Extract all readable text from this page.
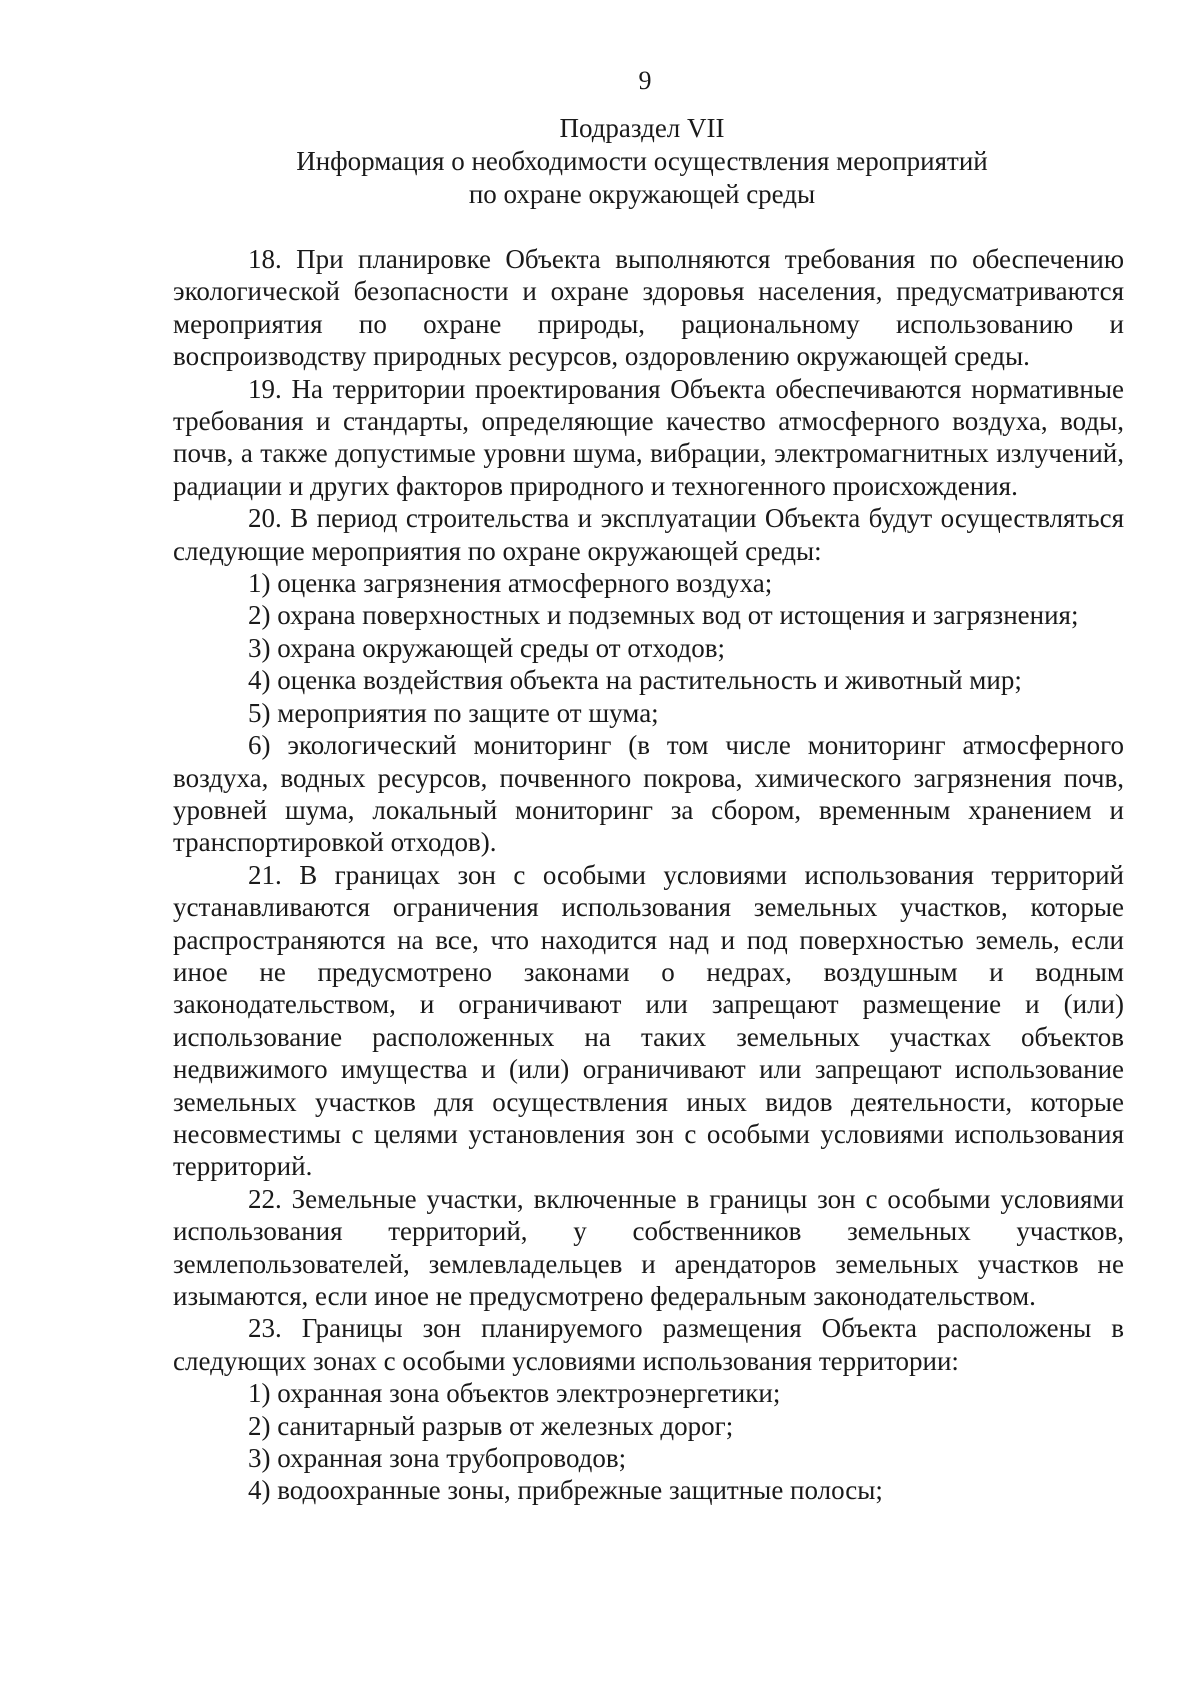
9
Подраздел VII
Информация о необходимости осуществления мероприятий
по охране окружающей среды

18. При планировке Объекта выполняются требования по обеспечению экологической безопасности и охране здоровья населения, предусматриваются мероприятия по охране природы, рациональному использованию и воспроизводству природных ресурсов, оздоровлению окружающей среды.

19. На территории проектирования Объекта обеспечиваются нормативные требования и стандарты, определяющие качество атмосферного воздуха, воды, почв, а также допустимые уровни шума, вибрации, электромагнитных излучений, радиации и других факторов природного и техногенного происхождения.

20. В период строительства и эксплуатации Объекта будут осуществляться следующие мероприятия по охране окружающей среды:

1) оценка загрязнения атмосферного воздуха;

2) охрана поверхностных и подземных вод от истощения и загрязнения;

3) охрана окружающей среды от отходов;

4) оценка воздействия объекта на растительность и животный мир;

5) мероприятия по защите от шума;

6) экологический мониторинг (в том числе мониторинг атмосферного воздуха, водных ресурсов, почвенного покрова, химического загрязнения почв, уровней шума, локальный мониторинг за сбором, временным хранением и транспортировкой отходов).

21. В границах зон с особыми условиями использования территорий устанавливаются ограничения использования земельных участков, которые распространяются на все, что находится над и под поверхностью земель, если иное не предусмотрено законами о недрах, воздушным и водным законодательством, и ограничивают или запрещают размещение и (или) использование расположенных на таких земельных участках объектов недвижимого имущества и (или) ограничивают или запрещают использование земельных участков для осуществления иных видов деятельности, которые несовместимы с целями установления зон с особыми условиями использования территорий.

22. Земельные участки, включенные в границы зон с особыми условиями использования территорий, у собственников земельных участков, землепользователей, землевладельцев и арендаторов земельных участков не изымаются, если иное не предусмотрено федеральным законодательством.

23. Границы зон планируемого размещения Объекта расположены в следующих зонах с особыми условиями использования территории:

1) охранная зона объектов электроэнергетики;

2) санитарный разрыв от железных дорог;

3) охранная зона трубопроводов;

4) водоохранные зоны, прибрежные защитные полосы;
